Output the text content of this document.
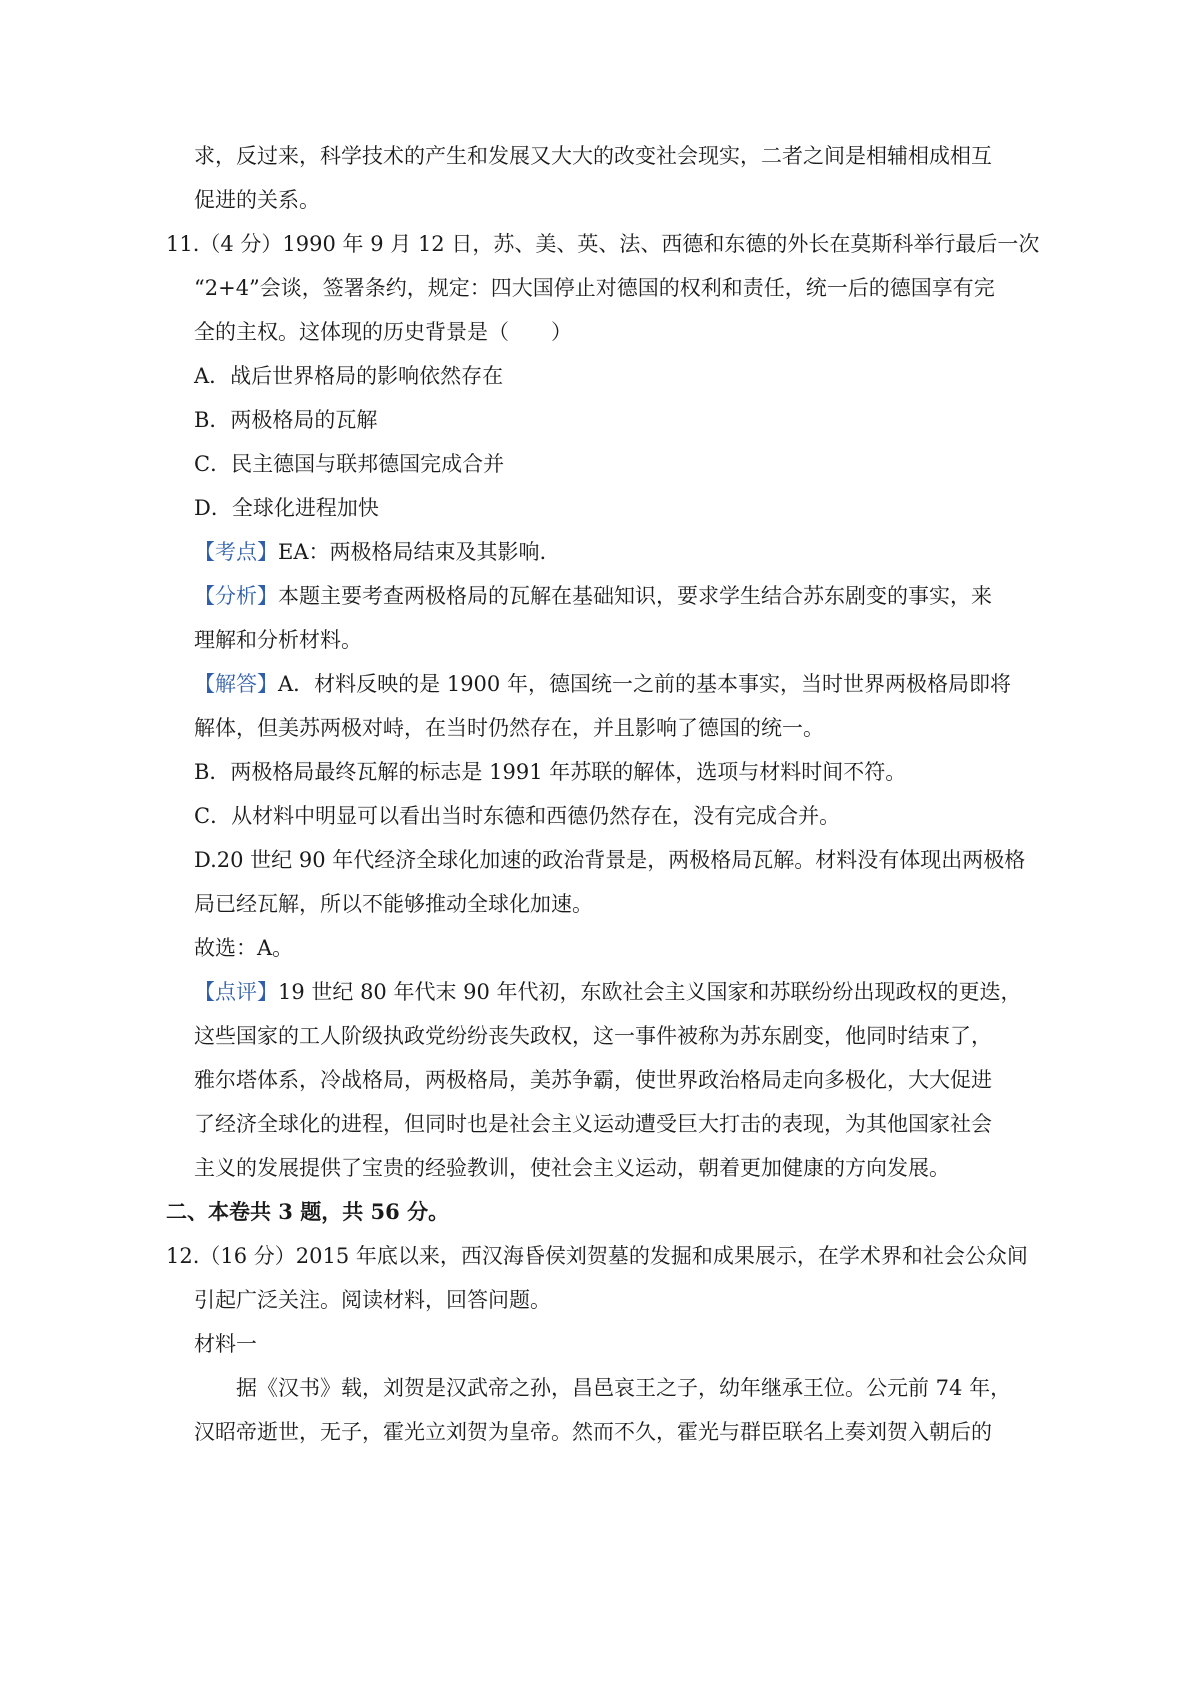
求，反过来，科学技术的产生和发展又大大的改变社会现实，二者之间是相辅相成相互
促进的关系。
11.（4 分）1990 年 9 月 12 日，苏、美、英、法、西德和东德的外长在莫斯科举行最后一次
“2+4”会谈，签署条约，规定：四大国停止对德国的权利和责任，统一后的德国享有完
全的主权。这体现的历史背景是（　　）
A．战后世界格局的影响依然存在
B．两极格局的瓦解
C．民主德国与联邦德国完成合并
D．全球化进程加快
【考点】EA：两极格局结束及其影响.
【分析】本题主要考查两极格局的瓦解在基础知识，要求学生结合苏东剧变的事实，来
理解和分析材料。
【解答】A．材料反映的是 1900 年，德国统一之前的基本事实，当时世界两极格局即将
解体，但美苏两极对峙，在当时仍然存在，并且影响了德国的统一。
B．两极格局最终瓦解的标志是 1991 年苏联的解体，选项与材料时间不符。
C．从材料中明显可以看出当时东德和西德仍然存在，没有完成合并。
D.20 世纪 90 年代经济全球化加速的政治背景是，两极格局瓦解。材料没有体现出两极格
局已经瓦解，所以不能够推动全球化加速。
故选：A。
【点评】19 世纪 80 年代末 90 年代初，东欧社会主义国家和苏联纷纷出现政权的更迭，
这些国家的工人阶级执政党纷纷丧失政权，这一事件被称为苏东剧变，他同时结束了，
雅尔塔体系，冷战格局，两极格局，美苏争霸，使世界政治格局走向多极化，大大促进
了经济全球化的进程，但同时也是社会主义运动遭受巨大打击的表现，为其他国家社会
主义的发展提供了宝贵的经验教训，使社会主义运动，朝着更加健康的方向发展。
二、本卷共 3 题，共 56 分。
12.（16 分）2015 年底以来，西汉海昏侯刘贺墓的发掘和成果展示，在学术界和社会公众间
引起广泛关注。阅读材料，回答问题。
材料一
据《汉书》载，刘贺是汉武帝之孙，昌邑哀王之子，幼年继承王位。公元前 74 年，
汉昭帝逝世，无子，霍光立刘贺为皇帝。然而不久，霍光与群臣联名上奏刘贺入朝后的
